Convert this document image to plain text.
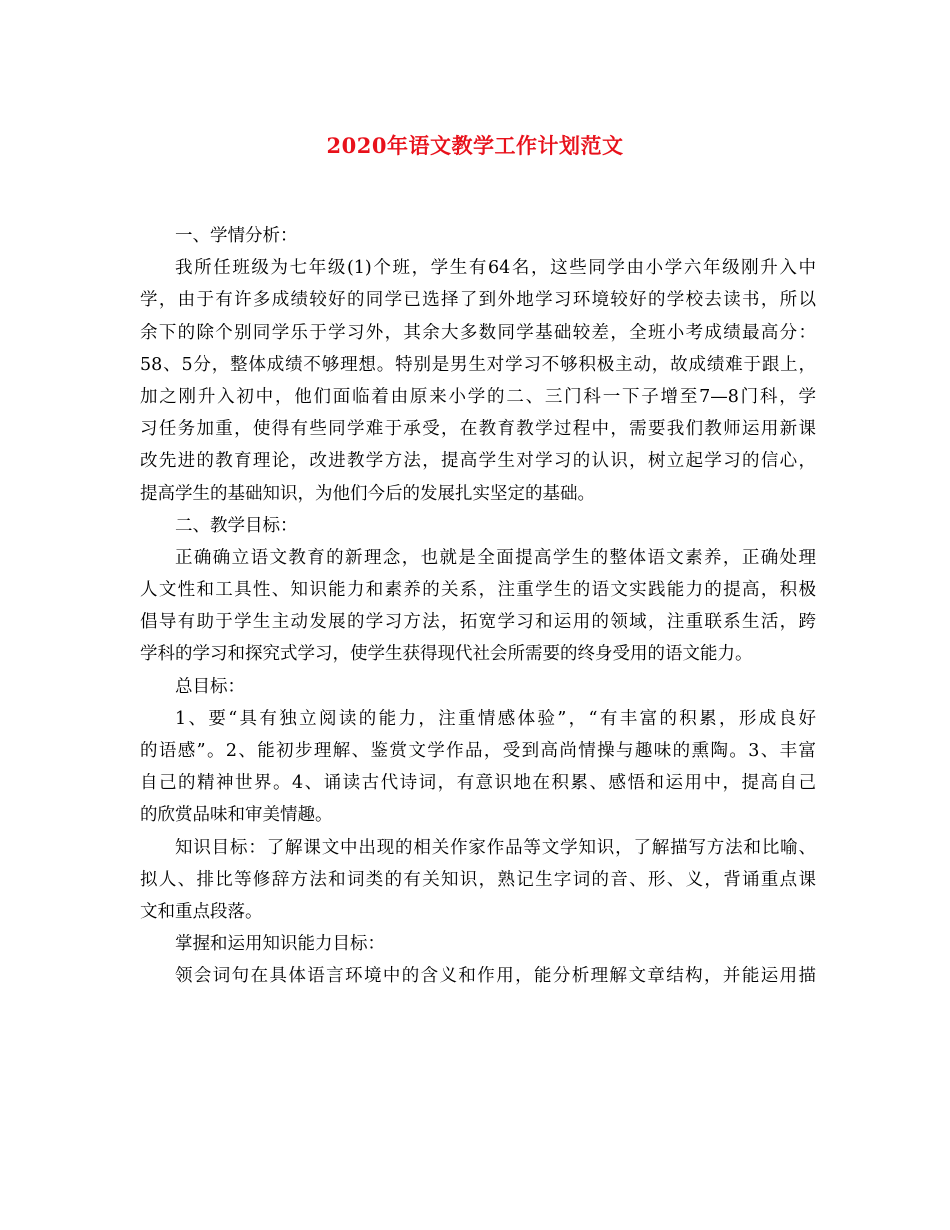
2020年语文教学工作计划范文
一、学情分析：
我所任班级为七年级(1)个班，学生有64名，这些同学由小学六年级刚升入中
学，由于有许多成绩较好的同学已选择了到外地学习环境较好的学校去读书，所以
余下的除个别同学乐于学习外，其余大多数同学基础较差，全班小考成绩最高分：
58、5分，整体成绩不够理想。特别是男生对学习不够积极主动，故成绩难于跟上，
加之刚升入初中，他们面临着由原来小学的二、三门科一下子增至7—8门科，学
习任务加重，使得有些同学难于承受，在教育教学过程中，需要我们教师运用新课
改先进的教育理论，改进教学方法，提高学生对学习的认识，树立起学习的信心，
提高学生的基础知识，为他们今后的发展扎实坚定的基础。
二、教学目标：
正确确立语文教育的新理念，也就是全面提高学生的整体语文素养，正确处理
人文性和工具性、知识能力和素养的关系，注重学生的语文实践能力的提高，积极
倡导有助于学生主动发展的学习方法，拓宽学习和运用的领域，注重联系生活，跨
学科的学习和探究式学习，使学生获得现代社会所需要的终身受用的语文能力。
总目标：
1、要“具有独立阅读的能力，注重情感体验”，“有丰富的积累，形成良好
的语感”。2、能初步理解、鉴赏文学作品，受到高尚情操与趣味的熏陶。3、丰富
自己的精神世界。4、诵读古代诗词，有意识地在积累、感悟和运用中，提高自己
的欣赏品味和审美情趣。
知识目标：了解课文中出现的相关作家作品等文学知识，了解描写方法和比喻、
拟人、排比等修辞方法和词类的有关知识，熟记生字词的音、形、义，背诵重点课
文和重点段落。
掌握和运用知识能力目标：
领会词句在具体语言环境中的含义和作用，能分析理解文章结构，并能运用描
